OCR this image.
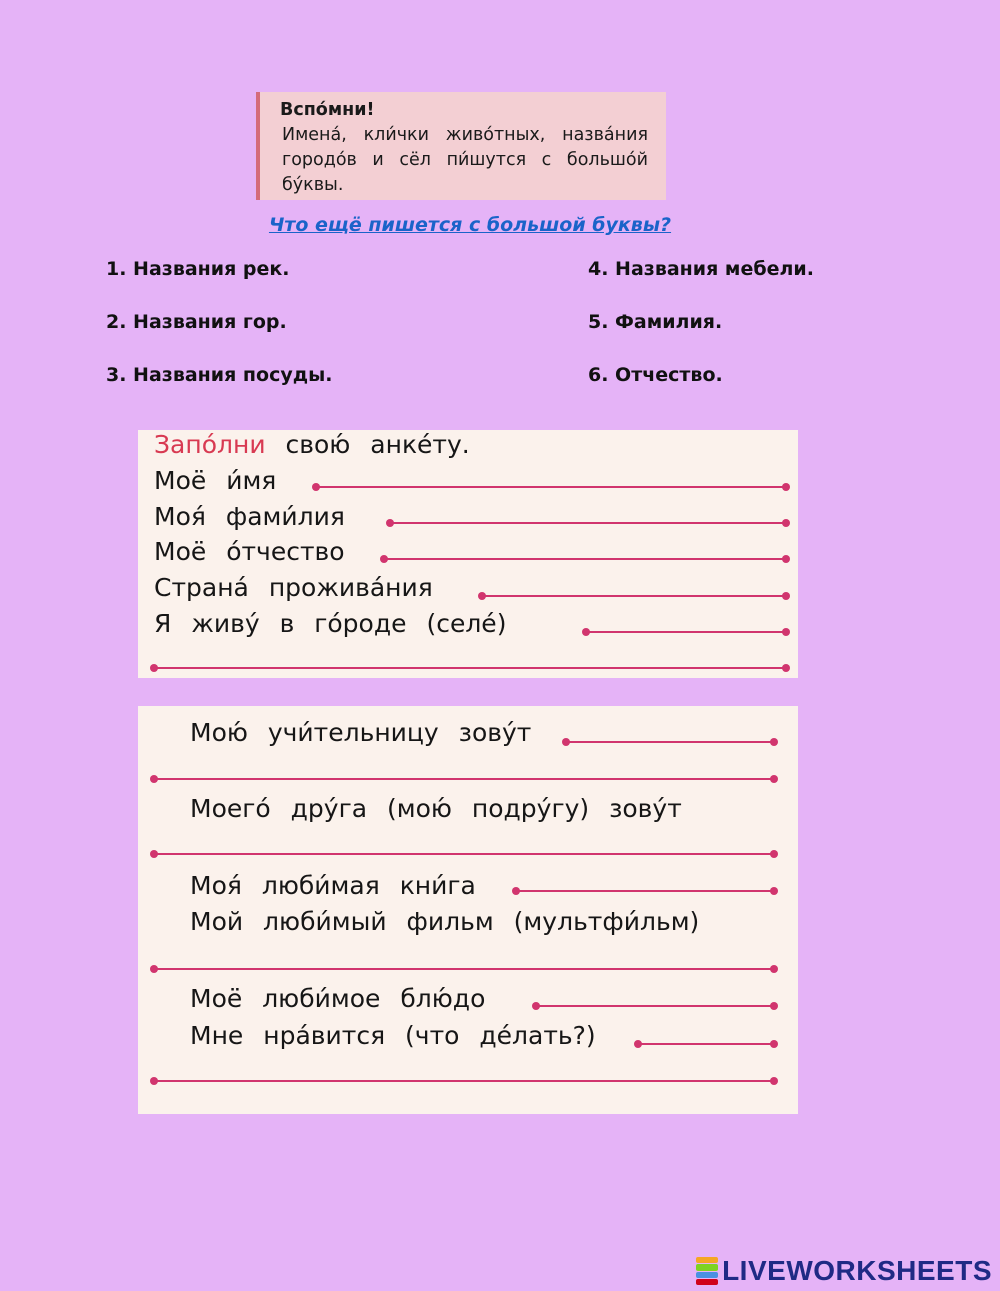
Вспо́мни!
Имена́, кли́чки живо́тных, назва́ния городо́в и сёл пи́шутся с большо́й бу́квы.
Что ещё пишется с большой буквы?
1. Названия рек.
2. Названия гор.
3. Названия посуды.
4. Названия мебели.
5. Фамилия.
6. Отчество.
Запо́лни свою́ анке́ту.
Моё и́мя
Моя́ фами́лия
Моё о́тчество
Страна́ прожива́ния
Я живу́ в го́роде (селе́)
Мою́ учи́тельницу зову́т
Моего́ дру́га (мою́ подру́гу) зову́т
Моя́ люби́мая кни́га
Мой люби́мый фильм (мультфи́льм)
Моё люби́мое блю́до
Мне нра́вится (что де́лать?)
LIVEWORKSHEETS
